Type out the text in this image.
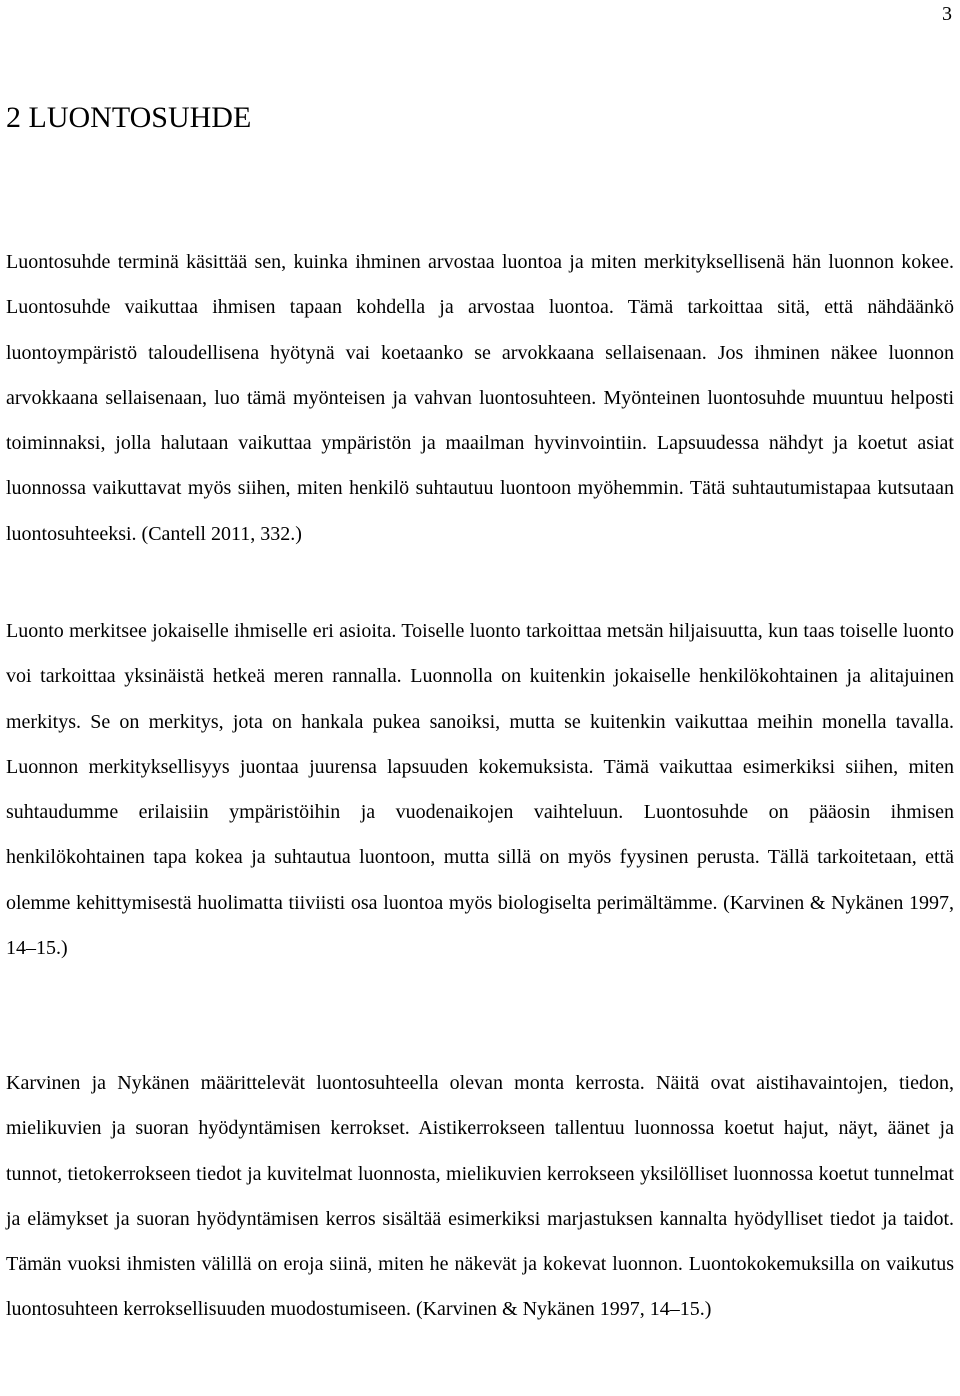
3
2 LUONTOSUHDE

Luontosuhde terminä käsittää sen, kuinka ihminen arvostaa luontoa ja miten merkityksellisenä hän luonnon kokee. Luontosuhde vaikuttaa ihmisen tapaan kohdella ja arvostaa luontoa. Tämä tarkoittaa sitä, että nähdäänkö luontoympäristö taloudellisena hyötynä vai koetaanko se arvokkaana sellaisenaan. Jos ihminen näkee luonnon arvokkaana sellaisenaan, luo tämä myönteisen ja vahvan luontosuhteen. Myönteinen luontosuhde muuntuu helposti toiminnaksi, jolla halutaan vaikuttaa ympäristön ja maailman hyvinvointiin. Lapsuudessa nähdyt ja koetut asiat luonnossa vaikuttavat myös siihen, miten henkilö suhtautuu luontoon myöhemmin. Tätä suhtautumistapaa kutsutaan luontosuhteeksi. (Cantell 2011, 332.)

Luonto merkitsee jokaiselle ihmiselle eri asioita. Toiselle luonto tarkoittaa metsän hiljaisuutta, kun taas toiselle luonto voi tarkoittaa yksinäistä hetkeä meren rannalla. Luonnolla on kuitenkin jokaiselle henkilökohtainen ja alitajuinen merkitys. Se on merkitys, jota on hankala pukea sanoiksi, mutta se kuitenkin vaikuttaa meihin monella tavalla. Luonnon merkityksellisyys juontaa juurensa lapsuuden kokemuksista. Tämä vaikuttaa esimerkiksi siihen, miten suhtaudumme erilaisiin ympäristöihin ja vuodenaikojen vaihteluun. Luontosuhde on pääosin ihmisen henkilökohtainen tapa kokea ja suhtautua luontoon, mutta sillä on myös fyysinen perusta. Tällä tarkoitetaan, että olemme kehittymisestä huolimatta tiiviisti osa luontoa myös biologiselta perimältämme. (Karvinen & Nykänen 1997, 14–15.)

Karvinen ja Nykänen määrittelevät luontosuhteella olevan monta kerrosta. Näitä ovat aistihavaintojen, tiedon, mielikuvien ja suoran hyödyntämisen kerrokset. Aistikerrokseen tallentuu luonnossa koetut hajut, näyt, äänet ja tunnot, tietokerrokseen tiedot ja kuvitelmat luonnosta, mielikuvien kerrokseen yksilölliset luonnossa koetut tunnelmat ja elämykset ja suoran hyödyntämisen kerros sisältää esimerkiksi marjastuksen kannalta hyödylliset tiedot ja taidot. Tämän vuoksi ihmisten välillä on eroja siinä, miten he näkevät ja kokevat luonnon. Luontokokemuksilla on vaikutus luontosuhteen kerroksellisuuden muodostumiseen. (Karvinen & Nykänen 1997, 14–15.)
